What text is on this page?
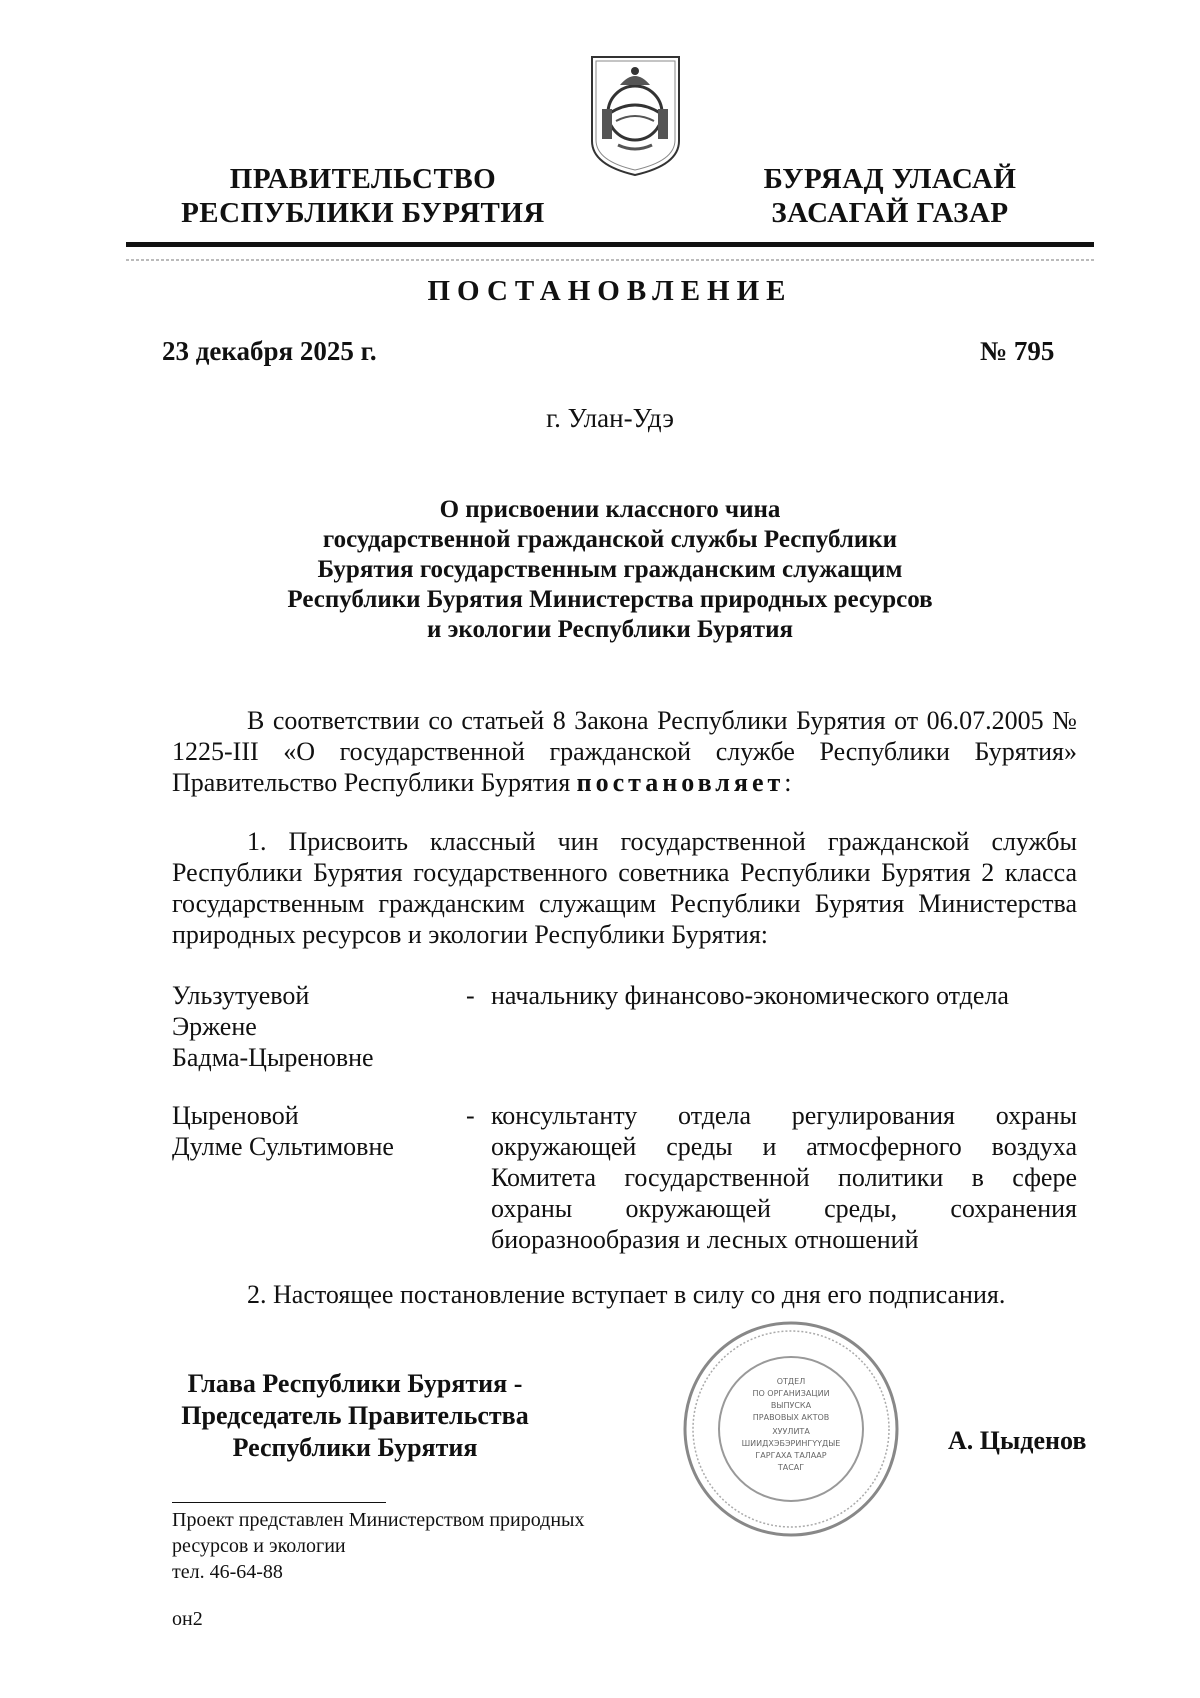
ПРАВИТЕЛЬСТВО
РЕСПУБЛИКИ БУРЯТИЯ
БУРЯАД УЛАСАЙ
ЗАСАГАЙ ГАЗАР
ПОСТАНОВЛЕНИЕ
23 декабря 2025 г.	№ 795
г. Улан-Удэ
О присвоении классного чина
государственной гражданской службы Республики
Бурятия государственным гражданским служащим
Республики Бурятия Министерства природных ресурсов
и экологии Республики Бурятия
В соответствии со статьей 8 Закона Республики Бурятия от 06.07.2005 № 1225-III «О государственной гражданской службе Республики Бурятия» Правительство Республики Бурятия постановляет:
1. Присвоить классный чин государственной гражданской службы Республики Бурятия государственного советника Республики Бурятия 2 класса государственным гражданским служащим Республики Бурятия Министерства природных ресурсов и экологии Республики Бурятия:
Ульзутуевой
Эржене
Бадма-Цыреновне
- начальнику финансово-экономического отдела
Цыреновой
Дулме Сультимовне
- консультанту отдела регулирования охраны окружающей среды и атмосферного воздуха Комитета государственной политики в сфере охраны окружающей среды, сохранения биоразнообразия и лесных отношений
2. Настоящее постановление вступает в силу со дня его подписания.
Глава Республики Бурятия -
Председатель Правительства
Республики Бурятия
ОТДЕЛ
ПО ОРГАНИЗАЦИИ
ВЫПУСКА
ПРАВОВЫХ АКТОВ
ХУУЛИТА
ШИИДХЭБЭРИНГҮҮДЫЕ
ГАРГАХА ТАЛААР
ТАСАГ
А. Цыденов
Проект представлен Министерством природных
ресурсов и экологии
тел. 46-64-88
он2
